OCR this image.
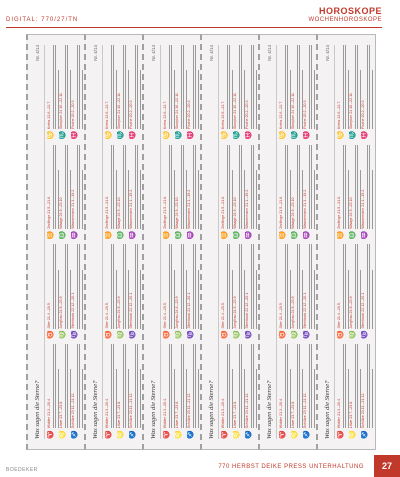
DIGITAL: 770/27/TN
HOROSKOPE
WOCHENHOROSKOPE
Was sagen die Sterne?
Nr. 4/14
♈
Widder 21.3.–20.4.
♉
Stier 21.4.–20.5.
♊
Zwillinge 21.5.–21.6.
♋
Krebs 22.6.–22.7.
♌
Löwe 23.7.–23.8.
♍
Jungfrau 24.8.–23.9.
♎
Waage 24.9.–23.10.
♏
Skorpion 24.10.–22.11.
♐
Schütze 23.11.–21.12.
♑
Steinbock 22.12.–20.1.
♒
Wassermann 21.1.–19.2.
♓
Fische 20.2.–20.3.
Was sagen die Sterne?
Nr. 4/14
♈
Widder 21.3.–20.4.
♉
Stier 21.4.–20.5.
♊
Zwillinge 21.5.–21.6.
♋
Krebs 22.6.–22.7.
♌
Löwe 23.7.–23.8.
♍
Jungfrau 24.8.–23.9.
♎
Waage 24.9.–23.10.
♏
Skorpion 24.10.–22.11.
♐
Schütze 23.11.–21.12.
♑
Steinbock 22.12.–20.1.
♒
Wassermann 21.1.–19.2.
♓
Fische 20.2.–20.3.
Was sagen die Sterne?
Nr. 4/14
♈
Widder 21.3.–20.4.
♉
Stier 21.4.–20.5.
♊
Zwillinge 21.5.–21.6.
♋
Krebs 22.6.–22.7.
♌
Löwe 23.7.–23.8.
♍
Jungfrau 24.8.–23.9.
♎
Waage 24.9.–23.10.
♏
Skorpion 24.10.–22.11.
♐
Schütze 23.11.–21.12.
♑
Steinbock 22.12.–20.1.
♒
Wassermann 21.1.–19.2.
♓
Fische 20.2.–20.3.
Was sagen die Sterne?
Nr. 4/14
♈
Widder 21.3.–20.4.
♉
Stier 21.4.–20.5.
♊
Zwillinge 21.5.–21.6.
♋
Krebs 22.6.–22.7.
♌
Löwe 23.7.–23.8.
♍
Jungfrau 24.8.–23.9.
♎
Waage 24.9.–23.10.
♏
Skorpion 24.10.–22.11.
♐
Schütze 23.11.–21.12.
♑
Steinbock 22.12.–20.1.
♒
Wassermann 21.1.–19.2.
♓
Fische 20.2.–20.3.
Was sagen die Sterne?
Nr. 4/14
♈
Widder 21.3.–20.4.
♉
Stier 21.4.–20.5.
♊
Zwillinge 21.5.–21.6.
♋
Krebs 22.6.–22.7.
♌
Löwe 23.7.–23.8.
♍
Jungfrau 24.8.–23.9.
♎
Waage 24.9.–23.10.
♏
Skorpion 24.10.–22.11.
♐
Schütze 23.11.–21.12.
♑
Steinbock 22.12.–20.1.
♒
Wassermann 21.1.–19.2.
♓
Fische 20.2.–20.3.
Was sagen die Sterne?
Nr. 4/14
♈
Widder 21.3.–20.4.
♉
Stier 21.4.–20.5.
♊
Zwillinge 21.5.–21.6.
♋
Krebs 22.6.–22.7.
♌
Löwe 23.7.–23.8.
♍
Jungfrau 24.8.–23.9.
♎
Waage 24.9.–23.10.
♏
Skorpion 24.10.–22.11.
♐
Schütze 23.11.–21.12.
♑
Steinbock 22.12.–20.1.
♒
Wassermann 21.1.–19.2.
♓
Fische 20.2.–20.3.
BOEDEKER	770 HERBST DEIKE PRESS UNTERHALTUNG	27
